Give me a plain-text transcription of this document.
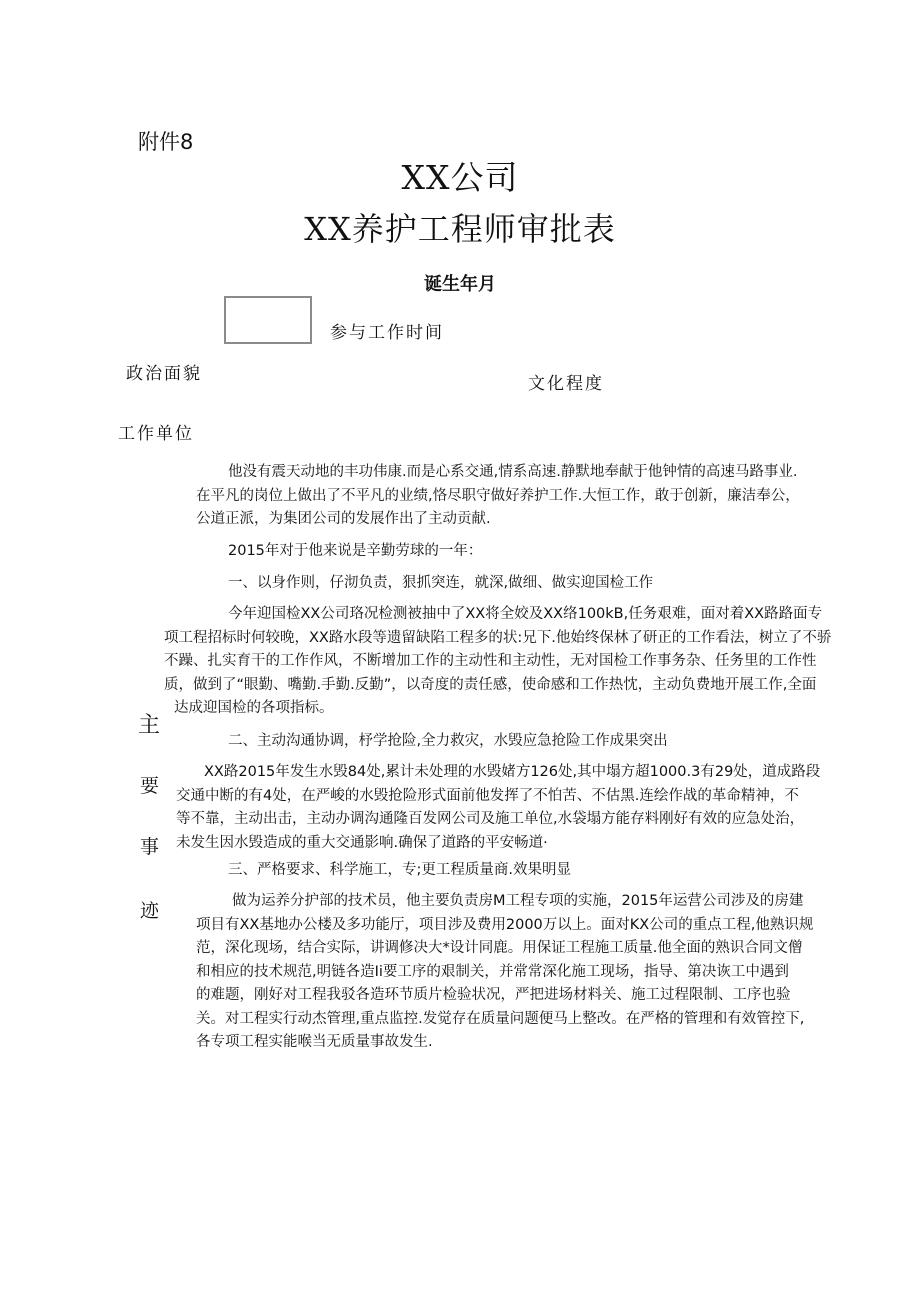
附件8
XX公司
XX养护工程师审批表
诞生年月
参与工作时间
政治面貌	文化程度
工作单位
主
要
事
迹
他没有震天动地的丰功伟康.而是心系交通,情系高速.静默地奉献于他钟情的高速马路事业.
在平凡的岗位上做出了不平凡的业绩,恪尽职守做好养护工作.大恒工作，敢于创新，廉洁奉公，
公道正派，为集团公司的发展作出了主动贡献.
2015年对于他来说是辛勤劳球的一年：
一、以身作则，仔沏负责，狠抓突连，就深,做细、做实迎国检工作
今年迎国检XX公司珞况检测被抽中了XX将全姣及XX络100kB,任务艰难，面对着XX路路面专
项工程招标时何较晚，XX路水段等遗留缺陷工程多的状:兄下.他始终保林了研正的工作看法，树立了不骄
不躁、扎实育干的工作作风，不断增加工作的主动性和主动性，无对国检工作事务杂、任务里的工作性
质，做到了“眼勤、嘴勤.手勤.反勤”，以奇度的责任感，使命感和工作热忱，主动负费地开展工作,全面
达成迎国检的各项指标。
二、主动沟通协调，杼学抢险,全力救灾，水毁应急抢险工作成果突出
XX路2015年发生水毁84处,累计未处理的水毁媎方126处,其中塌方超1000.3有29处，道成路段
交通中断的有4处，在严峻的水毁抢险形式面前他发挥了不怕苦、不估黑.连绘作战的革命精神，不
等不靠，主动出击，主动办调沟通隆百发网公司及施工单位,水袋塌方能存料刚好有效的应急处治，
未发生因水毁造成的重大交通影响.确保了道路的平安畅道·
三、严格要求、科学施工，专;更工程质量商.效果明显
做为运养分护部的技术员，他主要负责房M工程专项的实施，2015年运营公司涉及的房建
项目有XX基地办公楼及多功能厅，项目涉及费用2000万以上。面对KX公司的重点工程,他熟识规
范，深化现场，结合实际，讲调修决大*设计同鹿。用保证工程施工质量.他全面的熟识合同文僧
和相应的技术规范,明链各造Ii要工序的艰制关，并常常深化施工现场，指导、第决诙工中遇到
的难题，刚好对工程我驳各造环节质片检验状况，严把进场材料关、施工过程限制、工序也验
关。对工程实行动杰管理,重点监控.发觉存在质量问题便马上整改。在严格的管理和有效管控下,
各专项工程实能喉当无质量事故发生.
